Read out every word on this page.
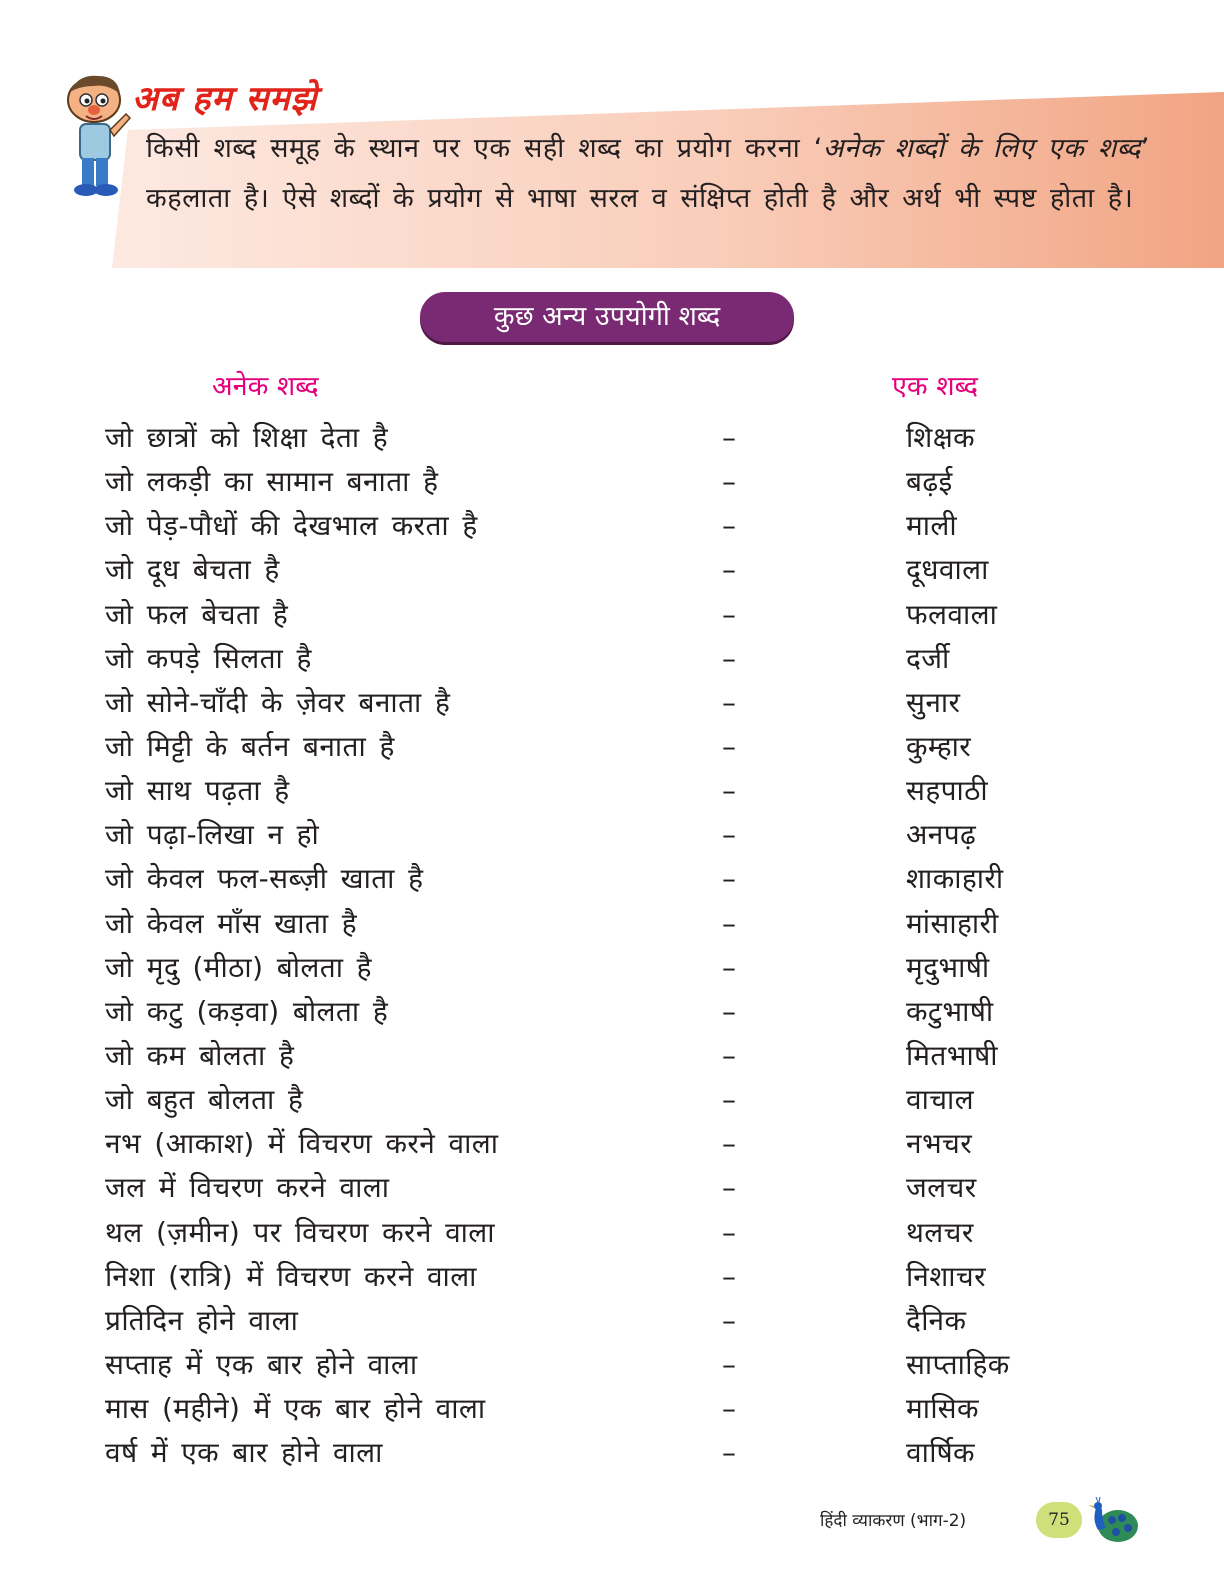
अब हम समझे
किसी शब्द समूह के स्थान पर एक सही शब्द का प्रयोग करना ‘अनेक शब्दों के लिए एक शब्द’ कहलाता है। ऐसे शब्दों के प्रयोग से भाषा सरल व संक्षिप्त होती है और अर्थ भी स्पष्ट होता है।
कुछ अन्य उपयोगी शब्द
अनेक शब्द	एक शब्द
जो छात्रों को शिक्षा देता है	–	शिक्षक
जो लकड़ी का सामान बनाता है	–	बढ़ई
जो पेड़-पौधों की देखभाल करता है	–	माली
जो दूध बेचता है	–	दूधवाला
जो फल बेचता है	–	फलवाला
जो कपड़े सिलता है	–	दर्जी
जो सोने-चाँदी के ज़ेवर बनाता है	–	सुनार
जो मिट्टी के बर्तन बनाता है	–	कुम्हार
जो साथ पढ़ता है	–	सहपाठी
जो पढ़ा-लिखा न हो	–	अनपढ़
जो केवल फल-सब्ज़ी खाता है	–	शाकाहारी
जो केवल माँस खाता है	–	मांसाहारी
जो मृदु (मीठा) बोलता है	–	मृदुभाषी
जो कटु (कड़वा) बोलता है	–	कटुभाषी
जो कम बोलता है	–	मितभाषी
जो बहुत बोलता है	–	वाचाल
नभ (आकाश) में विचरण करने वाला	–	नभचर
जल में विचरण करने वाला	–	जलचर
थल (ज़मीन) पर विचरण करने वाला	–	थलचर
निशा (रात्रि) में विचरण करने वाला	–	निशाचर
प्रतिदिन होने वाला	–	दैनिक
सप्ताह में एक बार होने वाला	–	साप्ताहिक
मास (महीने) में एक बार होने वाला	–	मासिक
वर्ष में एक बार होने वाला	–	वार्षिक
हिंदी व्याकरण (भाग-2)	75
